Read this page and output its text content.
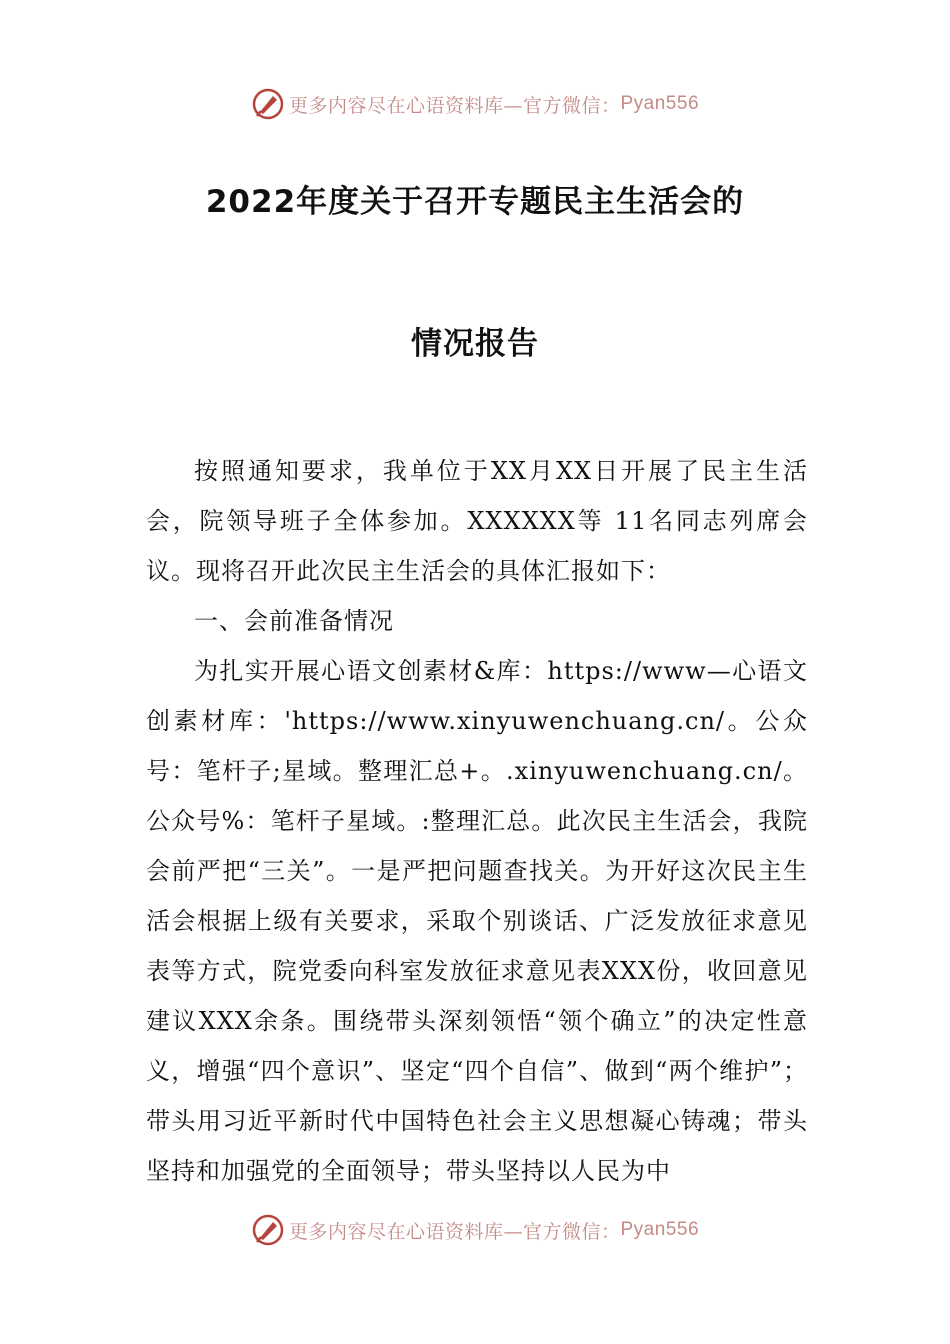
更多内容尽在心语资料库—官方微信： Pyan556
2022年度关于召开专题民主生活会的
情况报告

按照通知要求，我单位于XX月XX日开展了民主生活会，院领导班子全体参加。XXXXXX等 11名同志列席会议。现将召开此次民主生活会的具体汇报如下：

一、会前准备情况

为扎实开展心语文创素材&库：https://www—心语文创素材库：'https://www.xinyuwenchuang.cn/。公众号：笔杆子;星域。整理汇总+。.xinyuwenchuang.cn/。公众号%：笔杆子星域。:整理汇总。此次民主生活会，我院会前严把“三关”。一是严把问题查找关。为开好这次民主生活会根据上级有关要求，采取个别谈话、广泛发放征求意见表等方式，院党委向科室发放征求意见表XXX份，收回意见建议XXX余条。围绕带头深刻领悟“领个确立”的决定性意义，增强“四个意识”、坚定“四个自信”、做到“两个维护”；带头用习近平新时代中国特色社会主义思想凝心铸魂；带头坚持和加强党的全面领导；带头坚持以人民为中

更多内容尽在心语资料库—官方微信： Pyan556
